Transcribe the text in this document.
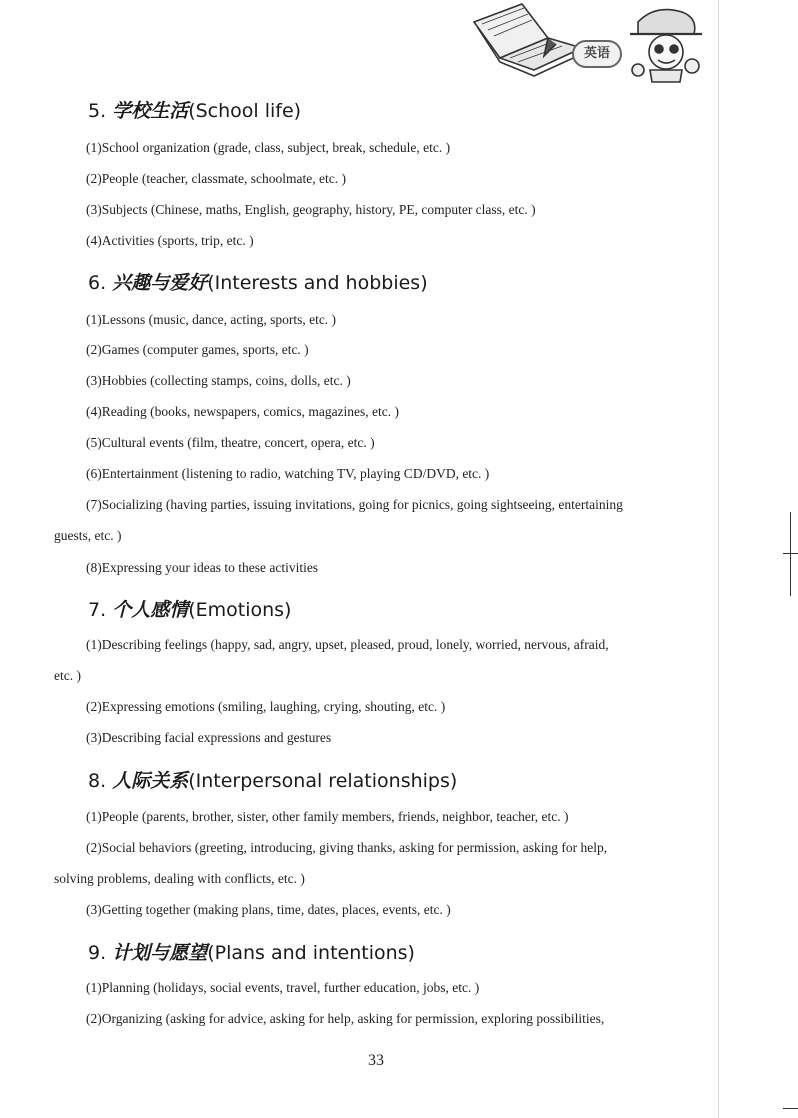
英语
5. 学校生活(School life)
(1)School organization (grade, class, subject, break, schedule, etc. )
(2)People (teacher, classmate, schoolmate, etc. )
(3)Subjects (Chinese, maths, English, geography, history, PE, computer class, etc. )
(4)Activities (sports, trip, etc. )
6. 兴趣与爱好(Interests and hobbies)
(1)Lessons (music, dance, acting, sports, etc. )
(2)Games (computer games, sports, etc. )
(3)Hobbies (collecting stamps, coins, dolls, etc. )
(4)Reading (books, newspapers, comics, magazines, etc. )
(5)Cultural events (film, theatre, concert, opera, etc. )
(6)Entertainment (listening to radio, watching TV, playing CD/DVD, etc. )
(7)Socializing (having parties, issuing invitations, going for picnics, going sightseeing, entertaining
guests, etc. )
(8)Expressing your ideas to these activities
7. 个人感情(Emotions)
(1)Describing feelings (happy, sad, angry, upset, pleased, proud, lonely, worried, nervous, afraid,
etc. )
(2)Expressing emotions (smiling, laughing, crying, shouting, etc. )
(3)Describing facial expressions and gestures
8. 人际关系(Interpersonal relationships)
(1)People (parents, brother, sister, other family members, friends, neighbor, teacher, etc. )
(2)Social behaviors (greeting, introducing, giving thanks, asking for permission, asking for help,
solving problems, dealing with conflicts, etc. )
(3)Getting together (making plans, time, dates, places, events, etc. )
9. 计划与愿望(Plans and intentions)
(1)Planning (holidays, social events, travel, further education, jobs, etc. )
(2)Organizing (asking for advice, asking for help, asking for permission, exploring possibilities,
33
